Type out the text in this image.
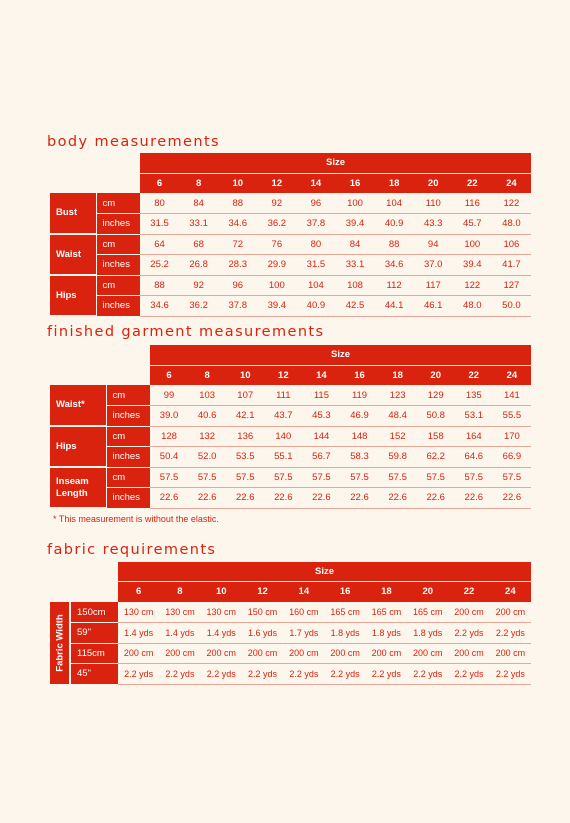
body measurements
		Size									
		6	8	10	12	14	16	18	20	22	24
Bust	cm	80	84	88	92	96	100	104	110	116	122
	inches	31.5	33.1	34.6	36.2	37.8	39.4	40.9	43.3	45.7	48.0
Waist	cm	64	68	72	76	80	84	88	94	100	106
	inches	25.2	26.8	28.3	29.9	31.5	33.1	34.6	37.0	39.4	41.7
Hips	cm	88	92	96	100	104	108	112	117	122	127
	inches	34.6	36.2	37.8	39.4	40.9	42.5	44.1	46.1	48.0	50.0
finished garment measurements
		Size									
		6	8	10	12	14	16	18	20	22	24
Waist*	cm	99	103	107	111	115	119	123	129	135	141
	inches	39.0	40.6	42.1	43.7	45.3	46.9	48.4	50.8	53.1	55.5
Hips	cm	128	132	136	140	144	148	152	158	164	170
	inches	50.4	52.0	53.5	55.1	56.7	58.3	59.8	62.2	64.6	66.9
Inseam Length	cm	57.5	57.5	57.5	57.5	57.5	57.5	57.5	57.5	57.5	57.5
	inches	22.6	22.6	22.6	22.6	22.6	22.6	22.6	22.6	22.6	22.6
* This measurement is without the elastic.
fabric requirements
		Size									
		6	8	10	12	14	16	18	20	22	24

Fabric Width	150cm	130 cm	130 cm	130 cm	150 cm	160 cm	165 cm	165 cm	165 cm	200 cm	200 cm
	59"	1.4 yds	1.4 yds	1.4 yds	1.6 yds	1.7 yds	1.8 yds	1.8 yds	1.8 yds	2.2 yds	2.2 yds
	115cm	200 cm	200 cm	200 cm	200 cm	200 cm	200 cm	200 cm	200 cm	200 cm	200 cm
	45"	2.2 yds	2.2 yds	2.2 yds	2.2 yds	2.2 yds	2.2 yds	2.2 yds	2.2 yds	2.2 yds	2.2 yds
